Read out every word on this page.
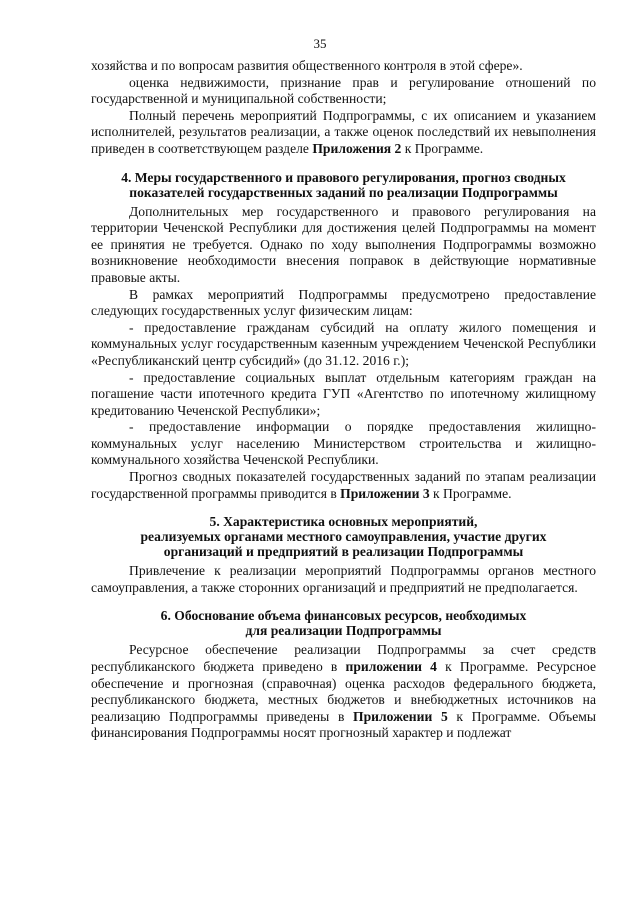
35

хозяйства и по вопросам развития общественного контроля в этой сфере».

оценка недвижимости, признание прав и регулирование отношений по государственной и муниципальной собственности;

Полный перечень мероприятий Подпрограммы, с их описанием и указанием исполнителей, результатов реализации, а также оценок последствий их невыполнения приведен в соответствующем разделе Приложения 2 к Программе.

4. Меры государственного и правового регулирования, прогноз сводных
показателей государственных заданий по реализации Подпрограммы

Дополнительных мер государственного и правового регулирования на территории Чеченской Республики для достижения целей Подпрограммы на момент ее принятия не требуется. Однако по ходу выполнения Подпрограммы возможно возникновение необходимости внесения поправок в действующие нормативные правовые акты.

В рамках мероприятий Подпрограммы предусмотрено предоставление следующих государственных услуг физическим лицам:

- предоставление гражданам субсидий на оплату жилого помещения и коммунальных услуг государственным казенным учреждением Чеченской Республики «Республиканский центр субсидий» (до 31.12. 2016 г.);

- предоставление социальных выплат отдельным категориям граждан на погашение части ипотечного кредита ГУП «Агентство по ипотечному жилищному кредитованию Чеченской Республики»;

- предоставление информации о порядке предоставления жилищно-коммунальных услуг населению Министерством строительства и жилищно-коммунального хозяйства Чеченской Республики.

Прогноз сводных показателей государственных заданий по этапам реализации государственной программы приводится в Приложении 3 к Программе.

5. Характеристика основных мероприятий,
реализуемых органами местного самоуправления, участие других
организаций и предприятий в реализации Подпрограммы

Привлечение к реализации мероприятий Подпрограммы органов местного самоуправления, а также сторонних организаций и предприятий не предполагается.

6. Обоснование объема финансовых ресурсов, необходимых
для реализации Подпрограммы

Ресурсное обеспечение реализации Подпрограммы за счет средств республиканского бюджета приведено в приложении 4 к Программе. Ресурсное обеспечение и прогнозная (справочная) оценка расходов федерального бюджета, республиканского бюджета, местных бюджетов и внебюджетных источников на реализацию Подпрограммы приведены в Приложении 5 к Программе. Объемы финансирования Подпрограммы носят прогнозный характер и подлежат
